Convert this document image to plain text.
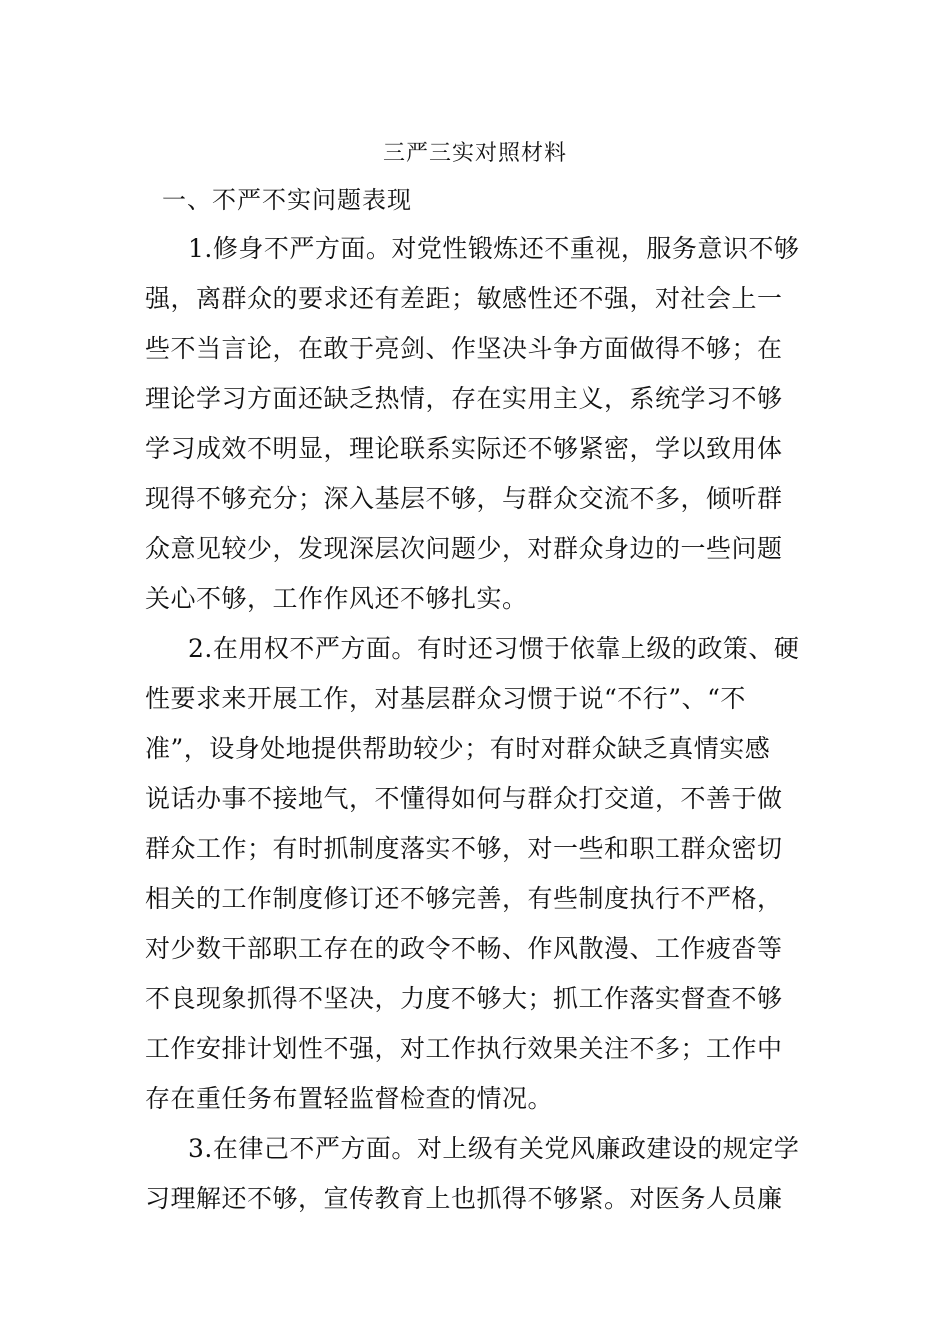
三严三实对照材料
一、不严不实问题表现
1.修身不严方面。对党性锻炼还不重视，服务意识不够
强，离群众的要求还有差距；敏感性还不强，对社会上一
些不当言论，在敢于亮剑、作坚决斗争方面做得不够；在
理论学习方面还缺乏热情，存在实用主义，系统学习不够
学习成效不明显，理论联系实际还不够紧密，学以致用体
现得不够充分；深入基层不够，与群众交流不多，倾听群
众意见较少，发现深层次问题少，对群众身边的一些问题
关心不够，工作作风还不够扎实。
2.在用权不严方面。有时还习惯于依靠上级的政策、硬
性要求来开展工作，对基层群众习惯于说“不行”、“不
准”，设身处地提供帮助较少；有时对群众缺乏真情实感
说话办事不接地气，不懂得如何与群众打交道，不善于做
群众工作；有时抓制度落实不够，对一些和职工群众密切
相关的工作制度修订还不够完善，有些制度执行不严格，
对少数干部职工存在的政令不畅、作风散漫、工作疲沓等
不良现象抓得不坚决，力度不够大；抓工作落实督查不够
工作安排计划性不强，对工作执行效果关注不多；工作中
存在重任务布置轻监督检查的情况。
3.在律己不严方面。对上级有关党风廉政建设的规定学
习理解还不够，宣传教育上也抓得不够紧。对医务人员廉
